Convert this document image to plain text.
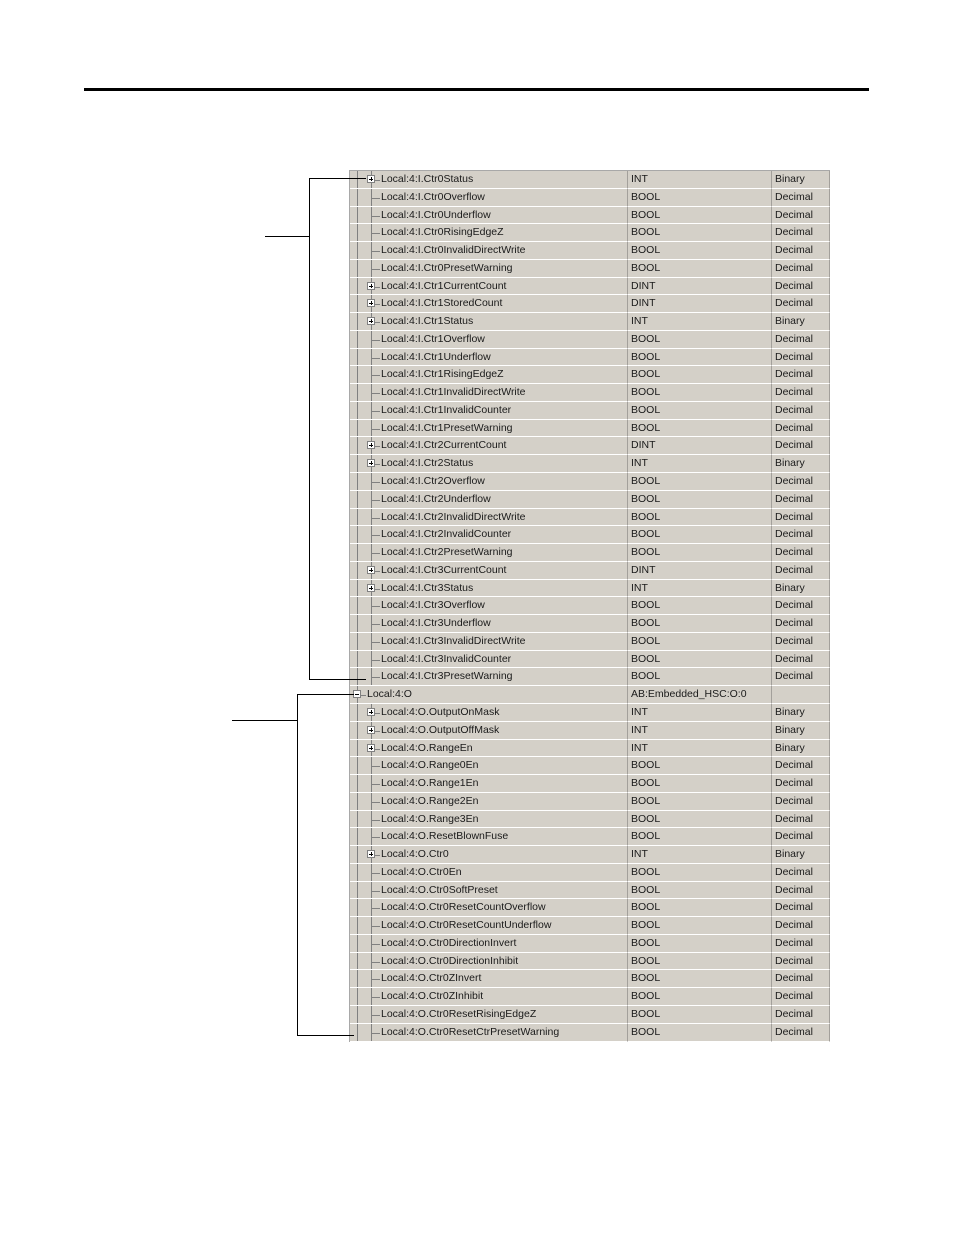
Local:4:I.Ctr0Status	INT	Binary
Local:4:I.Ctr0Overflow	BOOL	Decimal
Local:4:I.Ctr0Underflow	BOOL	Decimal
Local:4:I.Ctr0RisingEdgeZ	BOOL	Decimal
Local:4:I.Ctr0InvalidDirectWrite	BOOL	Decimal
Local:4:I.Ctr0PresetWarning	BOOL	Decimal
Local:4:I.Ctr1CurrentCount	DINT	Decimal
Local:4:I.Ctr1StoredCount	DINT	Decimal
Local:4:I.Ctr1Status	INT	Binary
Local:4:I.Ctr1Overflow	BOOL	Decimal
Local:4:I.Ctr1Underflow	BOOL	Decimal
Local:4:I.Ctr1RisingEdgeZ	BOOL	Decimal
Local:4:I.Ctr1InvalidDirectWrite	BOOL	Decimal
Local:4:I.Ctr1InvalidCounter	BOOL	Decimal
Local:4:I.Ctr1PresetWarning	BOOL	Decimal
Local:4:I.Ctr2CurrentCount	DINT	Decimal
Local:4:I.Ctr2Status	INT	Binary
Local:4:I.Ctr2Overflow	BOOL	Decimal
Local:4:I.Ctr2Underflow	BOOL	Decimal
Local:4:I.Ctr2InvalidDirectWrite	BOOL	Decimal
Local:4:I.Ctr2InvalidCounter	BOOL	Decimal
Local:4:I.Ctr2PresetWarning	BOOL	Decimal
Local:4:I.Ctr3CurrentCount	DINT	Decimal
Local:4:I.Ctr3Status	INT	Binary
Local:4:I.Ctr3Overflow	BOOL	Decimal
Local:4:I.Ctr3Underflow	BOOL	Decimal
Local:4:I.Ctr3InvalidDirectWrite	BOOL	Decimal
Local:4:I.Ctr3InvalidCounter	BOOL	Decimal
Local:4:I.Ctr3PresetWarning	BOOL	Decimal
Local:4:O	AB:Embedded_HSC:O:0
Local:4:O.OutputOnMask	INT	Binary
Local:4:O.OutputOffMask	INT	Binary
Local:4:O.RangeEn	INT	Binary
Local:4:O.Range0En	BOOL	Decimal
Local:4:O.Range1En	BOOL	Decimal
Local:4:O.Range2En	BOOL	Decimal
Local:4:O.Range3En	BOOL	Decimal
Local:4:O.ResetBlownFuse	BOOL	Decimal
Local:4:O.Ctr0	INT	Binary
Local:4:O.Ctr0En	BOOL	Decimal
Local:4:O.Ctr0SoftPreset	BOOL	Decimal
Local:4:O.Ctr0ResetCountOverflow	BOOL	Decimal
Local:4:O.Ctr0ResetCountUnderflow	BOOL	Decimal
Local:4:O.Ctr0DirectionInvert	BOOL	Decimal
Local:4:O.Ctr0DirectionInhibit	BOOL	Decimal
Local:4:O.Ctr0ZInvert	BOOL	Decimal
Local:4:O.Ctr0ZInhibit	BOOL	Decimal
Local:4:O.Ctr0ResetRisingEdgeZ	BOOL	Decimal
Local:4:O.Ctr0ResetCtrPresetWarning	BOOL	Decimal
